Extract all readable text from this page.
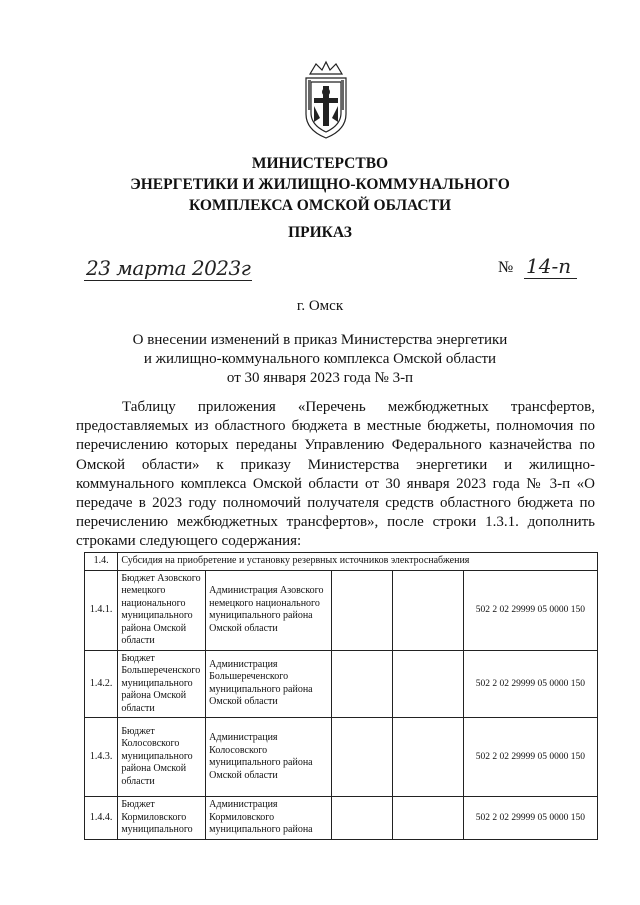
МИНИСТЕРСТВО
ЭНЕРГЕТИКИ И ЖИЛИЩНО-КОММУНАЛЬНОГО
КОМПЛЕКСА ОМСКОЙ ОБЛАСТИ
ПРИКАЗ
23 марта 2023г	№ 14-п
г. Омск
О внесении изменений в приказ Министерства энергетики
и жилищно-коммунального комплекса Омской области
от 30 января 2023 года № 3-п
Таблицу приложения «Перечень межбюджетных трансфертов, предоставляемых из областного бюджета в местные бюджеты, полномочия по перечислению которых переданы Управлению Федерального казначейства по Омской области» к приказу Министерства энергетики и жилищно-коммунального комплекса Омской области от 30 января 2023 года № 3-п «О передаче в 2023 году полномочий получателя средств областного бюджета по перечислению межбюджетных трансфертов», после строки 1.3.1. дополнить строками следующего содержания:
1.4.	Субсидия на приобретение и установку резервных источников электроснабжения				
1.4.1.	Бюджет Азовского немецкого национального муниципального района Омской области	Администрация Азовского немецкого национального муниципального района Омской области			502 2 02 29999 05 0000 150
1.4.2.	Бюджет Большереченского муниципального района Омской области	Администрация Большереченского муниципального района Омской области			502 2 02 29999 05 0000 150
1.4.3.	Бюджет Колосовского муниципального района Омской области	Администрация Колосовского муниципального района Омской области			502 2 02 29999 05 0000 150
1.4.4.	Бюджет Кормиловского муниципального	Администрация Кормиловского муниципального района			502 2 02 29999 05 0000 150
